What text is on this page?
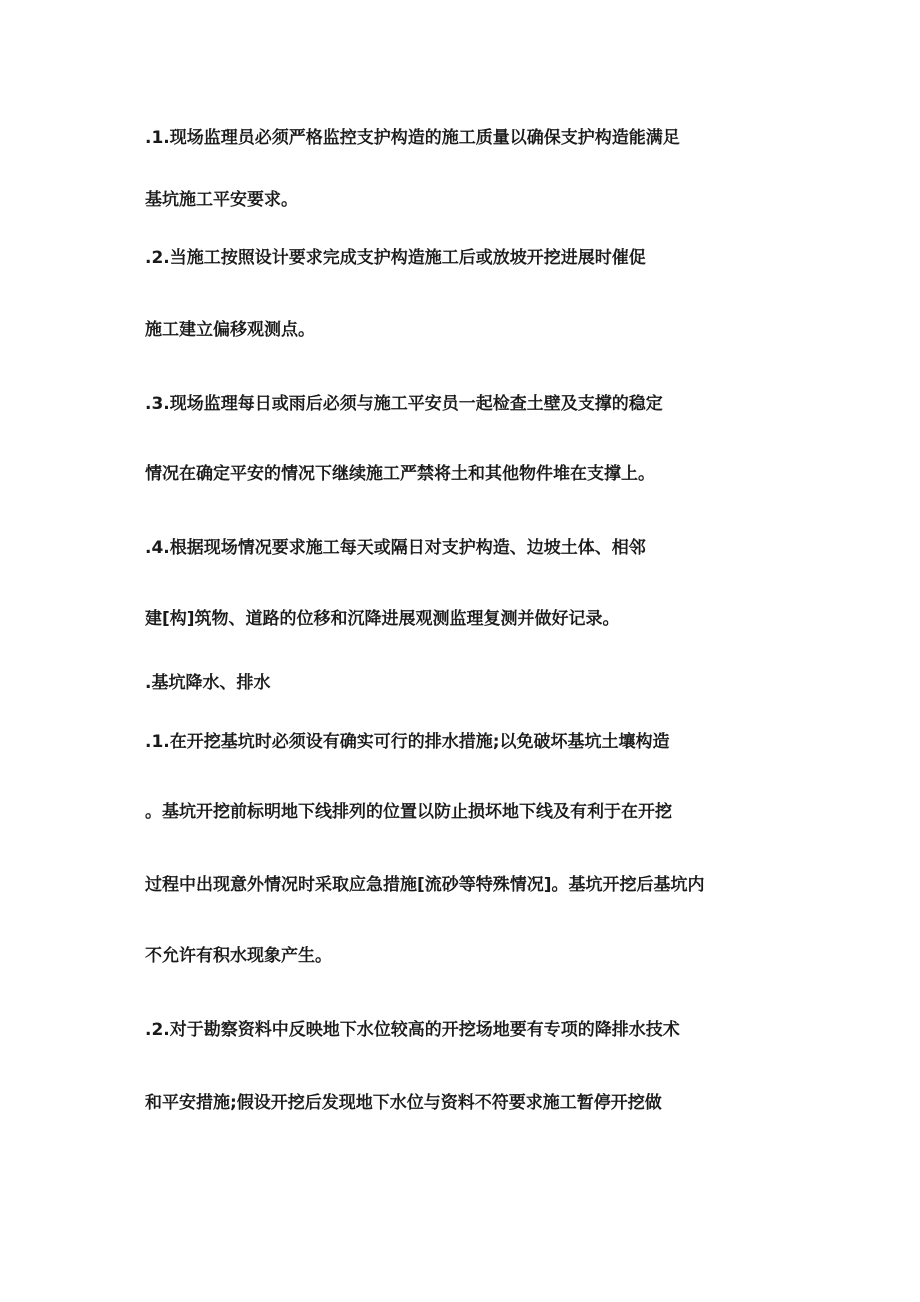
.1.现场监理员必须严格监控支护构造的施工质量以确保支护构造能满足

基坑施工平安要求。

.2.当施工按照设计要求完成支护构造施工后或放坡开挖进展时催促

施工建立偏移观测点。

.3.现场监理每日或雨后必须与施工平安员一起检查土壁及支撑的稳定

情况在确定平安的情况下继续施工严禁将土和其他物件堆在支撑上。

.4.根据现场情况要求施工每天或隔日对支护构造、边坡土体、相邻

建[构]筑物、道路的位移和沉降进展观测监理复测并做好记录。

.基坑降水、排水

.1.在开挖基坑时必须设有确实可行的排水措施;以免破坏基坑土壤构造

。基坑开挖前标明地下线排列的位置以防止损坏地下线及有利于在开挖

过程中出现意外情况时采取应急措施[流砂等特殊情况]。基坑开挖后基坑内

不允许有积水现象产生。

.2.对于勘察资料中反映地下水位较高的开挖场地要有专项的降排水技术

和平安措施;假设开挖后发现地下水位与资料不符要求施工暂停开挖做
